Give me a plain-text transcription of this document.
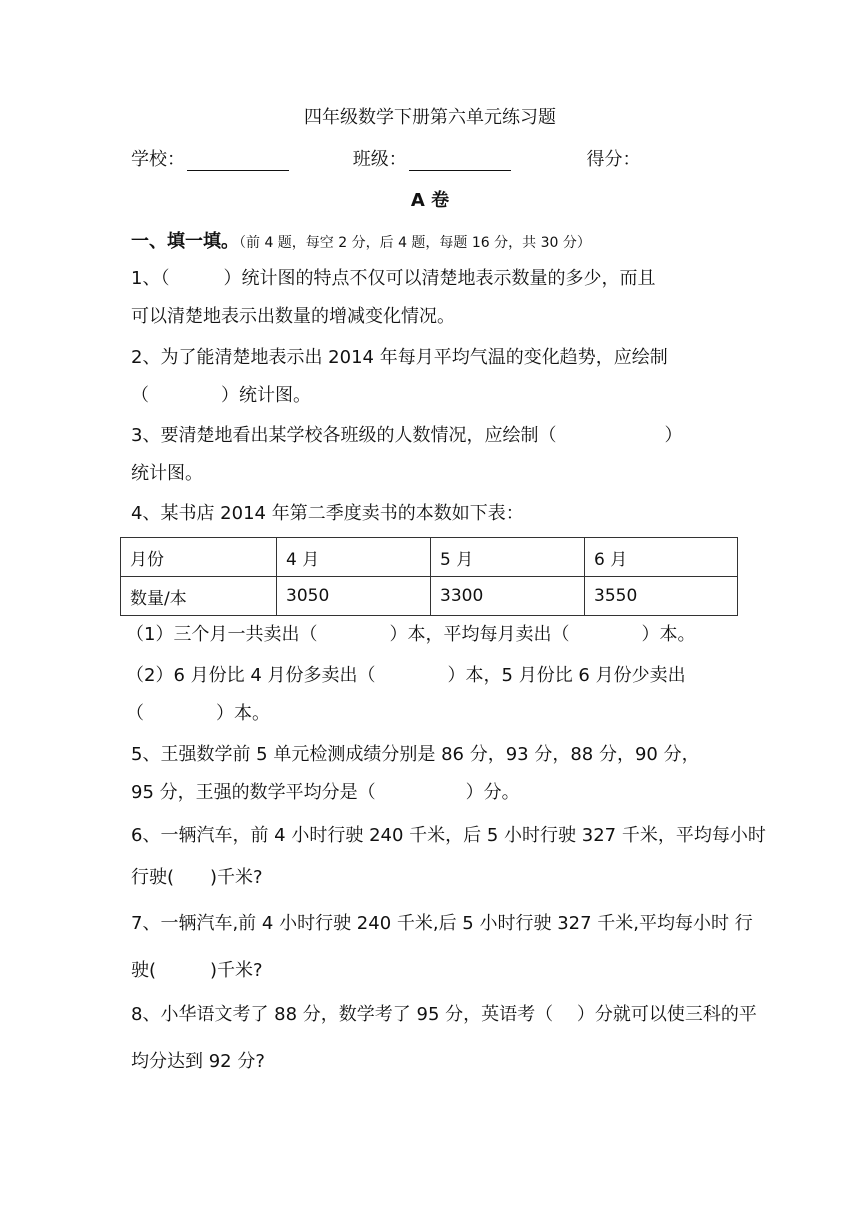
四年级数学下册第六单元练习题
学校：	班级：	得分：
A 卷
一、填一填。（前 4 题，每空 2 分，后 4 题，每题 16 分，共 30 分）
1、（　　　）统计图的特点不仅可以清楚地表示数量的多少，而且
可以清楚地表示出数量的增减变化情况。
2、为了能清楚地表示出 2014 年每月平均气温的变化趋势，应绘制
（　　　　）统计图。
3、要清楚地看出某学校各班级的人数情况，应绘制（　　　　　　）
统计图。
4、某书店 2014 年第二季度卖书的本数如下表：
月份	4 月	5 月	6 月
数量/本	3050	3300	3550
（1）三个月一共卖出（　　　　）本，平均每月卖出（　　　　）本。
（2）6 月份比 4 月份多卖出（　　　　）本，5 月份比 6 月份少卖出
（　　　　）本。
5、王强数学前 5 单元检测成绩分别是 86 分，93 分，88 分，90 分，
95 分，王强的数学平均分是（　　　　　）分。
6、一辆汽车，前 4 小时行驶 240 千米，后 5 小时行驶 327 千米，平均每小时
行驶(　　)千米?
7、一辆汽车,前 4 小时行驶 240 千米,后 5 小时行驶 327 千米,平均每小时 行
驶(　　　)千米?
8、小华语文考了 88 分，数学考了 95 分，英语考（　 ）分就可以使三科的平
均分达到 92 分?
